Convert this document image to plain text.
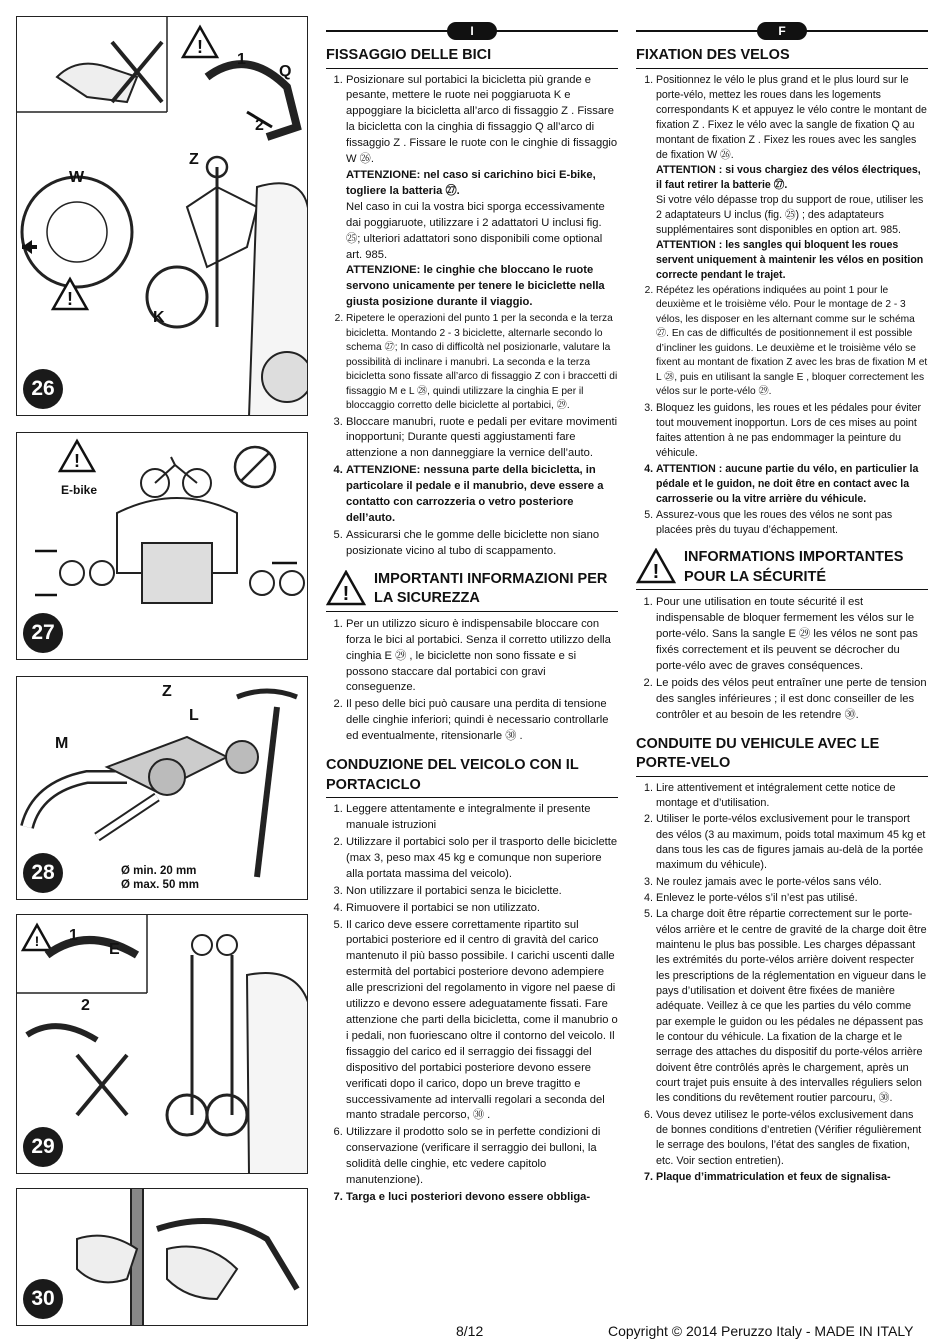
!
!
Q
1
2
Z
W
K
26
!
E-bike
27
Z
L
M
Ø min. 20 mm
Ø max. 50 mm
28
! 1
E
2
29
30
I
FISSAGGIO DELLE BICI
1. Posizionare sul portabici la bicicletta più grande e pesante, mettere le ruote nei poggiaruota K e appoggiare la bicicletta all’arco di fissaggio Z . Fissare la bicicletta con la cinghia di fissaggio Q all’arco di fissaggio Z . Fissare le ruote con le cinghie di fissaggio W ㉖.
ATTENZIONE: nel caso si carichino bici E-bike, togliere la batteria ㉗.
Nel caso in cui la vostra bici sporga eccessivamente dai poggiaruote, utilizzare i 2 adattatori U inclusi fig. ㉕; ulteriori adattatori sono disponibili come optional art. 985.
ATTENZIONE: le cinghie che bloccano le ruote servono unicamente per tenere le biciclette nella giusta posizione durante il viaggio.
2. Ripetere le operazioni del punto 1 per la seconda e la terza bicicletta. Montando 2 - 3 biciclette, alternarle secondo lo schema ㉗; In caso di difficoltà nel posizionarle, valutare la possibilità di inclinare i manubri. La seconda e la terza bicicletta sono fissate all’arco di fissaggio Z con i braccetti di fissaggio M e L ㉘, quindi utilizzare la cinghia E per il bloccaggio corretto delle biciclette al portabici, ㉙.
3. Bloccare manubri, ruote e pedali per evitare movimenti inopportuni; Durante questi aggiustamenti fare attenzione a non danneggiare la vernice dell’auto.
4. ATTENZIONE: nessuna parte della bicicletta, in particolare il pedale e il manubrio, deve essere a contatto con carrozzeria o vetro posteriore dell’auto.
5. Assicurarsi che le gomme delle biciclette non siano posizionate vicino al tubo di scappamento.
!
IMPORTANTI INFORMAZIONI PER LA SICUREZZA
1. Per un utilizzo sicuro è indispensabile bloccare con forza le bici al portabici. Senza il corretto utilizzo della cinghia E ㉙ , le biciclette non sono fissate e si possono staccare dal portabici con gravi conseguenze.
2. Il peso delle bici può causare una perdita di tensione delle cinghie inferiori; quindi è necessario controllarle ed eventualmente, ritensionarle ㉚ .
CONDUZIONE DEL VEICOLO CON IL PORTACICLO
1. Leggere attentamente e integralmente il presente manuale istruzioni
2. Utilizzare il portabici solo per il trasporto delle biciclette (max 3, peso max 45 kg e comunque non superiore alla portata massima del veicolo).
3. Non utilizzare il portabici senza le biciclette.
4. Rimuovere il portabici se non utilizzato.
5. Il carico deve essere correttamente ripartito sul portabici posteriore ed il centro di gravità del carico mantenuto il più basso possibile. I carichi uscenti dalle estermità del portabici posteriore devono adempiere alle prescrizioni del regolamento in vigore nel paese di utilizzo e devono essere adeguatamente fissati. Fare attenzione che parti della bicicletta, come il manubrio o i pedali, non fuoriescano oltre il contorno del veicolo. Il fissaggio del carico ed il serraggio dei fissaggi del dispositivo del portabici posteriore devono essere verificati dopo il carico, dopo un breve tragitto e successivamente ad intervalli regolari a seconda del manto stradale percorso, ㉚ .
6. Utilizzare il prodotto solo se in perfette condizioni di conservazione (verificare il serraggio dei bulloni, la solidità delle cinghie, etc vedere capitolo manutenzione).
7. Targa e luci posteriori devono essere obbliga-
F
FIXATION DES VELOS
1. Positionnez le vélo le plus grand et le plus lourd sur le porte-vélo, mettez les roues dans les logements correspondants K et appuyez le vélo contre le montant de fixation Z . Fixez le vélo avec la sangle de fixation Q au montant de fixation Z . Fixez les roues avec les sangles de fixation W ㉖.
ATTENTION : si vous chargiez des vélos électriques, il faut retirer la batterie ㉗.
Si votre vélo dépasse trop du support de roue, utiliser les 2 adaptateurs U inclus (fig. ㉕) ; des adaptateurs supplémentaires sont disponibles en option art. 985.
ATTENTION : les sangles qui bloquent les roues servent uniquement à maintenir les vélos en position correcte pendant le trajet.
2. Répétez les opérations indiquées au point 1 pour le deuxième et le troisième vélo. Pour le montage de 2 - 3 vélos, les disposer en les alternant comme sur le schéma ㉗. En cas de difficultés de positionnement il est possible d’incliner les guidons. Le deuxième et le troisième vélo se fixent au montant de fixation Z avec les bras de fixation M et L ㉘, puis en utilisant la sangle E , bloquer correctement les vélos sur le porte-vélo ㉙.
3. Bloquez les guidons, les roues et les pédales pour éviter tout mouvement inopportun. Lors de ces mises au point faites attention à ne pas endommager la peinture du véhicule.
4. ATTENTION : aucune partie du vélo, en particulier la pédale et le guidon, ne doit être en contact avec la carrosserie ou la vitre arrière du véhicule.
5. Assurez-vous que les roues des vélos ne sont pas placées près du tuyau d’échappement.
!
INFORMATIONS IMPORTANTES POUR LA SÉCURITÉ
1. Pour une utilisation en toute sécurité il est indispensable de bloquer fermement les vélos sur le porte-vélo. Sans la sangle E ㉙ les vélos ne sont pas fixés correctement et ils peuvent se décrocher du porte-vélo avec de graves conséquences.
2. Le poids des vélos peut entraîner une perte de tension des sangles inférieures ; il est donc conseiller de les contrôler et au besoin de les retendre ㉚.
CONDUITE DU VEHICULE AVEC LE PORTE-VELO
1. Lire attentivement et intégralement cette notice de montage et d’utilisation.
2. Utiliser le porte-vélos exclusivement pour le transport des vélos (3 au maximum, poids total maximum 45 kg et dans tous les cas de figures jamais au-delà de la portée maximum du véhicule).
3. Ne roulez jamais avec le porte-vélos sans vélo.
4. Enlevez le porte-vélos s’il n’est pas utilisé.
5. La charge doit être répartie correctement sur le porte-vélos arrière et le centre de gravité de la charge doit être maintenu le plus bas possible. Les charges dépassant les extrémités du porte-vélos arrière doivent respecter les prescriptions de la réglementation en vigueur dans le pays d’utilisation et doivent être fixées de manière adéquate. Veillez à ce que les parties du vélo comme par exemple le guidon ou les pédales ne dépassent pas le contour du véhicule. La fixation de la charge et le serrage des attaches du dispositif du porte-vélos arrière doivent être contrôlés après le chargement, après un court trajet puis ensuite à des intervalles réguliers selon les conditions du revêtement routier parcouru, ㉚.
6. Vous devez utilisez le porte-vélos exclusivement dans de bonnes conditions d’entretien (Vérifier régulièrement le serrage des boulons, l’état des sangles de fixation, etc. Voir section entretien).
7. Plaque d’immatriculation et feux de signalisa-
8/12	Copyright © 2014 Peruzzo Italy - MADE IN ITALY
